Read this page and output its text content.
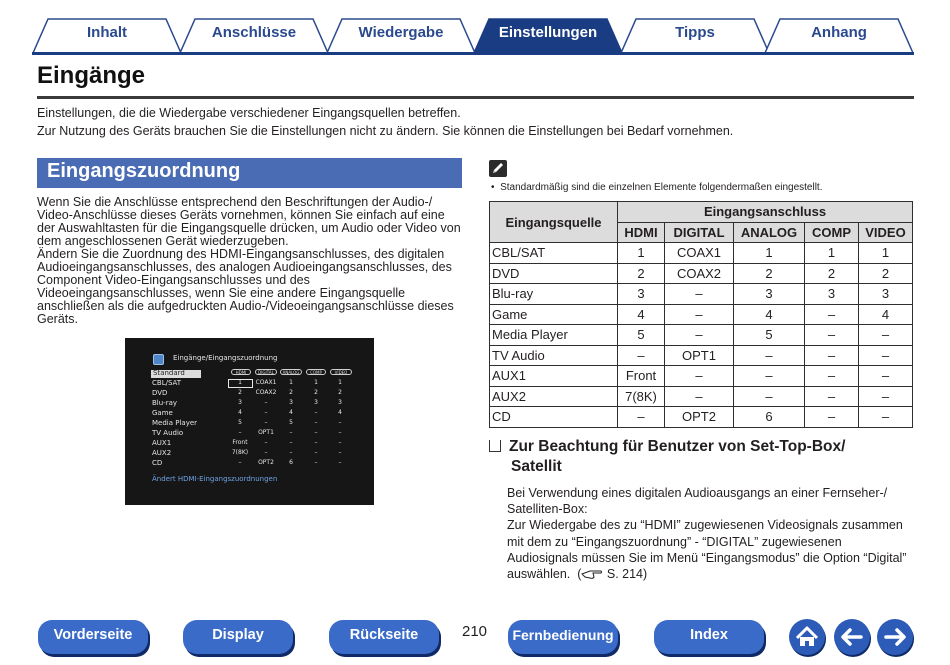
Inhalt	Anschlüsse	Wiedergabe	Einstellungen	Tipps	Anhang
Eingänge
Einstellungen, die die Wiedergabe verschiedener Eingangsquellen betreffen.
Zur Nutzung des Geräts brauchen Sie die Einstellungen nicht zu ändern. Sie können die Einstellungen bei Bedarf vornehmen.
Eingangszuordnung

Wenn Sie die Anschlüsse entsprechend den Beschriftungen der Audio-/ Video-Anschlüsse dieses Geräts vornehmen, können Sie einfach auf eine der Auswahltasten für die Eingangsquelle drücken, um Audio oder Video von dem angeschlossenen Gerät wiederzugeben.

Ändern Sie die Zuordnung des HDMI-Eingangsanschlusses, des digitalen Audioeingangsanschlusses, des analogen Audioeingangsanschlusses, des Component Video-Eingangsanschlusses und des Videoeingangsanschlusses, wenn Sie eine andere Eingangsquelle anschließen als die aufgedruckten Audio-/Videoeingangsanschlüsse dieses Geräts.

Eingänge/Eingangszuordnung
HDMI	DIGITAL	ANALOG	COMP	VIDEO
Standard
CBL/SAT	1	COAX1	1	1	1
DVD	2	COAX2	2	2	2
Blu-ray	3	–	3	3	3
Game	4	–	4	–	4
Media Player	5	–	5	–	–
TV Audio	–	OPT1	–	–	–
AUX1	Front	–	–	–	–
AUX2	7(8K)	–	–	–	–
CD	–	OPT2	6	–	–
Ändert HDMI-Eingangszuordnungen
•  Standardmäßig sind die einzelnen Elemente folgendermaßen eingestellt.
Eingangsquelle	Eingangsanschluss				
	HDMI	DIGITAL	ANALOG	COMP	VIDEO
CBL/SAT	1	COAX1	1	1	1
DVD	2	COAX2	2	2	2
Blu-ray	3	–	3	3	3
Game	4	–	4	–	4
Media Player	5	–	5	–	–
TV Audio	–	OPT1	–	–	–
AUX1	Front	–	–	–	–
AUX2	7(8K)	–	–	–	–
CD	–	OPT2	6	–	–
Zur Beachtung für Benutzer von Set-Top-Box/
Satellit

Bei Verwendung eines digitalen Audioausgangs an einer Fernseher-/ Satelliten-Box:

Zur Wiedergabe des zu “HDMI” zugewiesenen Videosignals zusammen mit dem zu “Eingangszuordnung” - “DIGITAL” zugewiesenen Audiosignals müssen Sie im Menü “Eingangsmodus” die Option “Digital” auswählen. ( S. 214)

Vorderseite	Display	Rückseite	210	Fernbedienung	Index
